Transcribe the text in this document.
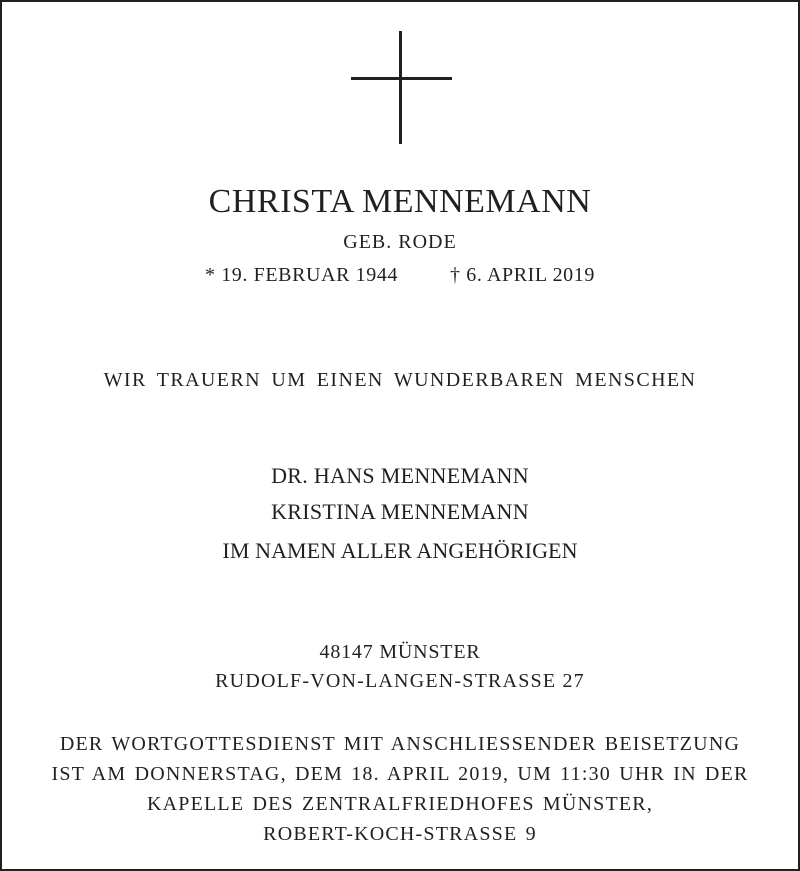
CHRISTA MENNEMANN
GEB. RODE
* 19. FEBRUAR 1944	† 6. APRIL 2019
WIR TRAUERN UM EINEN WUNDERBAREN MENSCHEN
DR. HANS MENNEMANN
KRISTINA MENNEMANN
IM NAMEN ALLER ANGEHÖRIGEN
48147 MÜNSTER
RUDOLF-VON-LANGEN-STRASSE 27
DER WORTGOTTESDIENST MIT ANSCHLIESSENDER BEISETZUNG
IST AM DONNERSTAG, DEM 18. APRIL 2019, UM 11:30 UHR IN DER
KAPELLE DES ZENTRALFRIEDHOFES MÜNSTER,
ROBERT-KOCH-STRASSE 9
